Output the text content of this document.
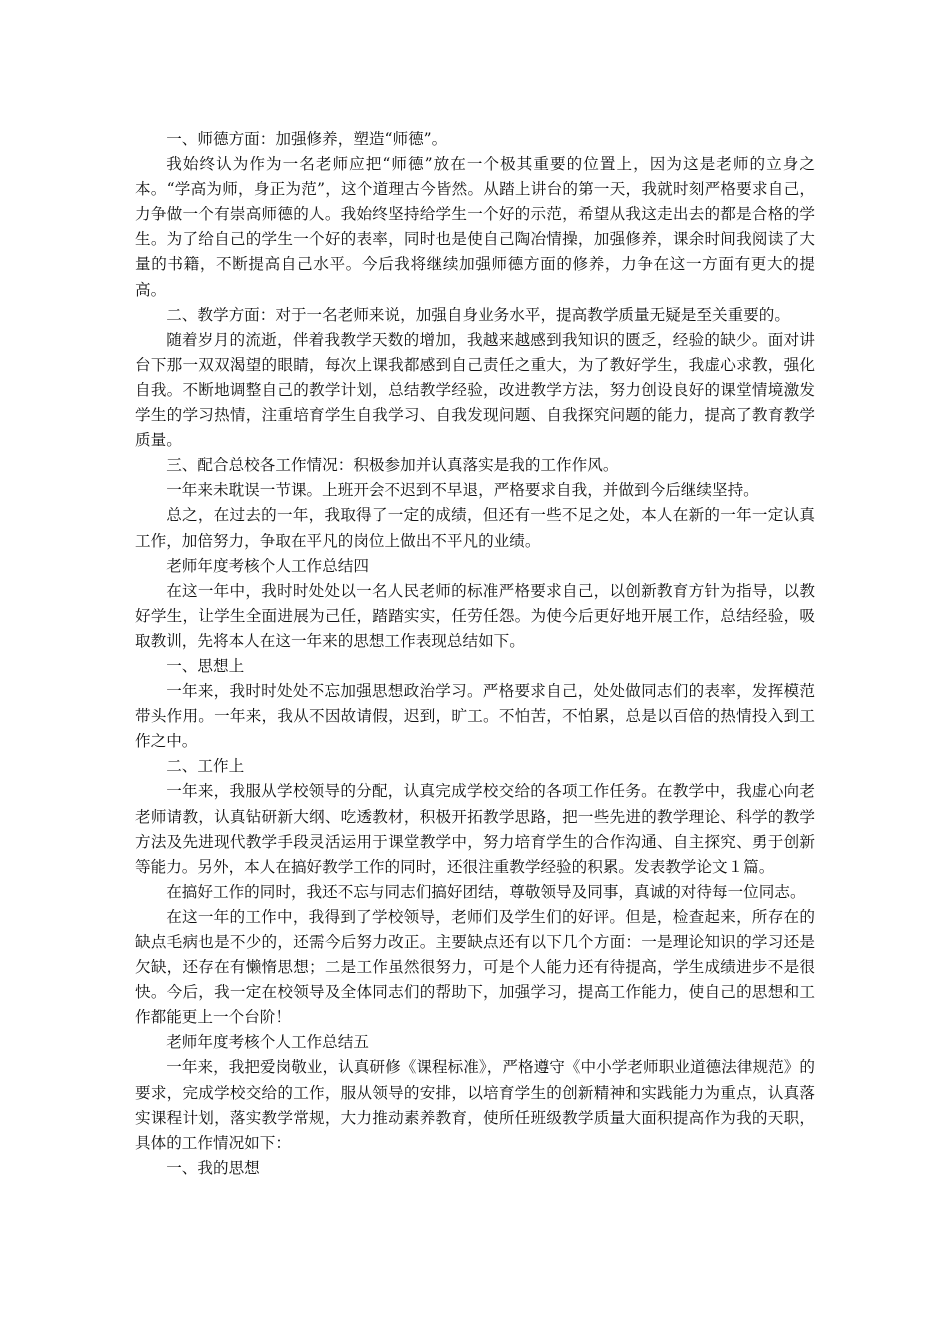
一、师德方面：加强修养，塑造“师德”。

我始终认为作为一名老师应把“师德”放在一个极其重要的位置上，因为这是老师的立身之本。“学高为师，身正为范”，这个道理古今皆然。从踏上讲台的第一天，我就时刻严格要求自己，力争做一个有崇高师德的人。我始终坚持给学生一个好的示范，希望从我这走出去的都是合格的学生。为了给自己的学生一个好的表率，同时也是使自己陶冶情操，加强修养，课余时间我阅读了大量的书籍，不断提高自己水平。今后我将继续加强师德方面的修养，力争在这一方面有更大的提高。

二、教学方面：对于一名老师来说，加强自身业务水平，提高教学质量无疑是至关重要的。

随着岁月的流逝，伴着我教学天数的增加，我越来越感到我知识的匮乏，经验的缺少。面对讲台下那一双双渴望的眼睛，每次上课我都感到自己责任之重大，为了教好学生，我虚心求教，强化自我。不断地调整自己的教学计划，总结教学经验，改进教学方法，努力创设良好的课堂情境激发学生的学习热情，注重培育学生自我学习、自我发现问题、自我探究问题的能力，提高了教育教学质量。

三、配合总校各工作情况：积极参加并认真落实是我的工作作风。

一年来未耽误一节课。上班开会不迟到不早退，严格要求自我，并做到今后继续坚持。

总之，在过去的一年，我取得了一定的成绩，但还有一些不足之处，本人在新的一年一定认真工作，加倍努力，争取在平凡的岗位上做出不平凡的业绩。

老师年度考核个人工作总结四

在这一年中，我时时处处以一名人民老师的标准严格要求自己，以创新教育方针为指导，以教好学生，让学生全面进展为己任，踏踏实实，任劳任怨。为使今后更好地开展工作，总结经验，吸取教训，先将本人在这一年来的思想工作表现总结如下。

一、思想上

一年来，我时时处处不忘加强思想政治学习。严格要求自己，处处做同志们的表率，发挥模范带头作用。一年来，我从不因故请假，迟到，旷工。不怕苦，不怕累，总是以百倍的热情投入到工作之中。

二、工作上

一年来，我服从学校领导的分配，认真完成学校交给的各项工作任务。在教学中，我虚心向老老师请教，认真钻研新大纲、吃透教材，积极开拓教学思路，把一些先进的教学理论、科学的教学方法及先进现代教学手段灵活运用于课堂教学中，努力培育学生的合作沟通、自主探究、勇于创新等能力。另外，本人在搞好教学工作的同时，还很注重教学经验的积累。发表教学论文１篇。

在搞好工作的同时，我还不忘与同志们搞好团结，尊敬领导及同事，真诚的对待每一位同志。

在这一年的工作中，我得到了学校领导，老师们及学生们的好评。但是，检查起来，所存在的缺点毛病也是不少的，还需今后努力改正。主要缺点还有以下几个方面：一是理论知识的学习还是欠缺，还存在有懒惰思想；二是工作虽然很努力，可是个人能力还有待提高，学生成绩进步不是很快。今后，我一定在校领导及全体同志们的帮助下，加强学习，提高工作能力，使自己的思想和工作都能更上一个台阶！

老师年度考核个人工作总结五

一年来，我把爱岗敬业，认真研修《课程标准》，严格遵守《中小学老师职业道德法律规范》的要求，完成学校交给的工作，服从领导的安排，以培育学生的创新精神和实践能力为重点，认真落实课程计划，落实教学常规，大力推动素养教育，使所任班级教学质量大面积提高作为我的天职，具体的工作情况如下：

一、我的思想
